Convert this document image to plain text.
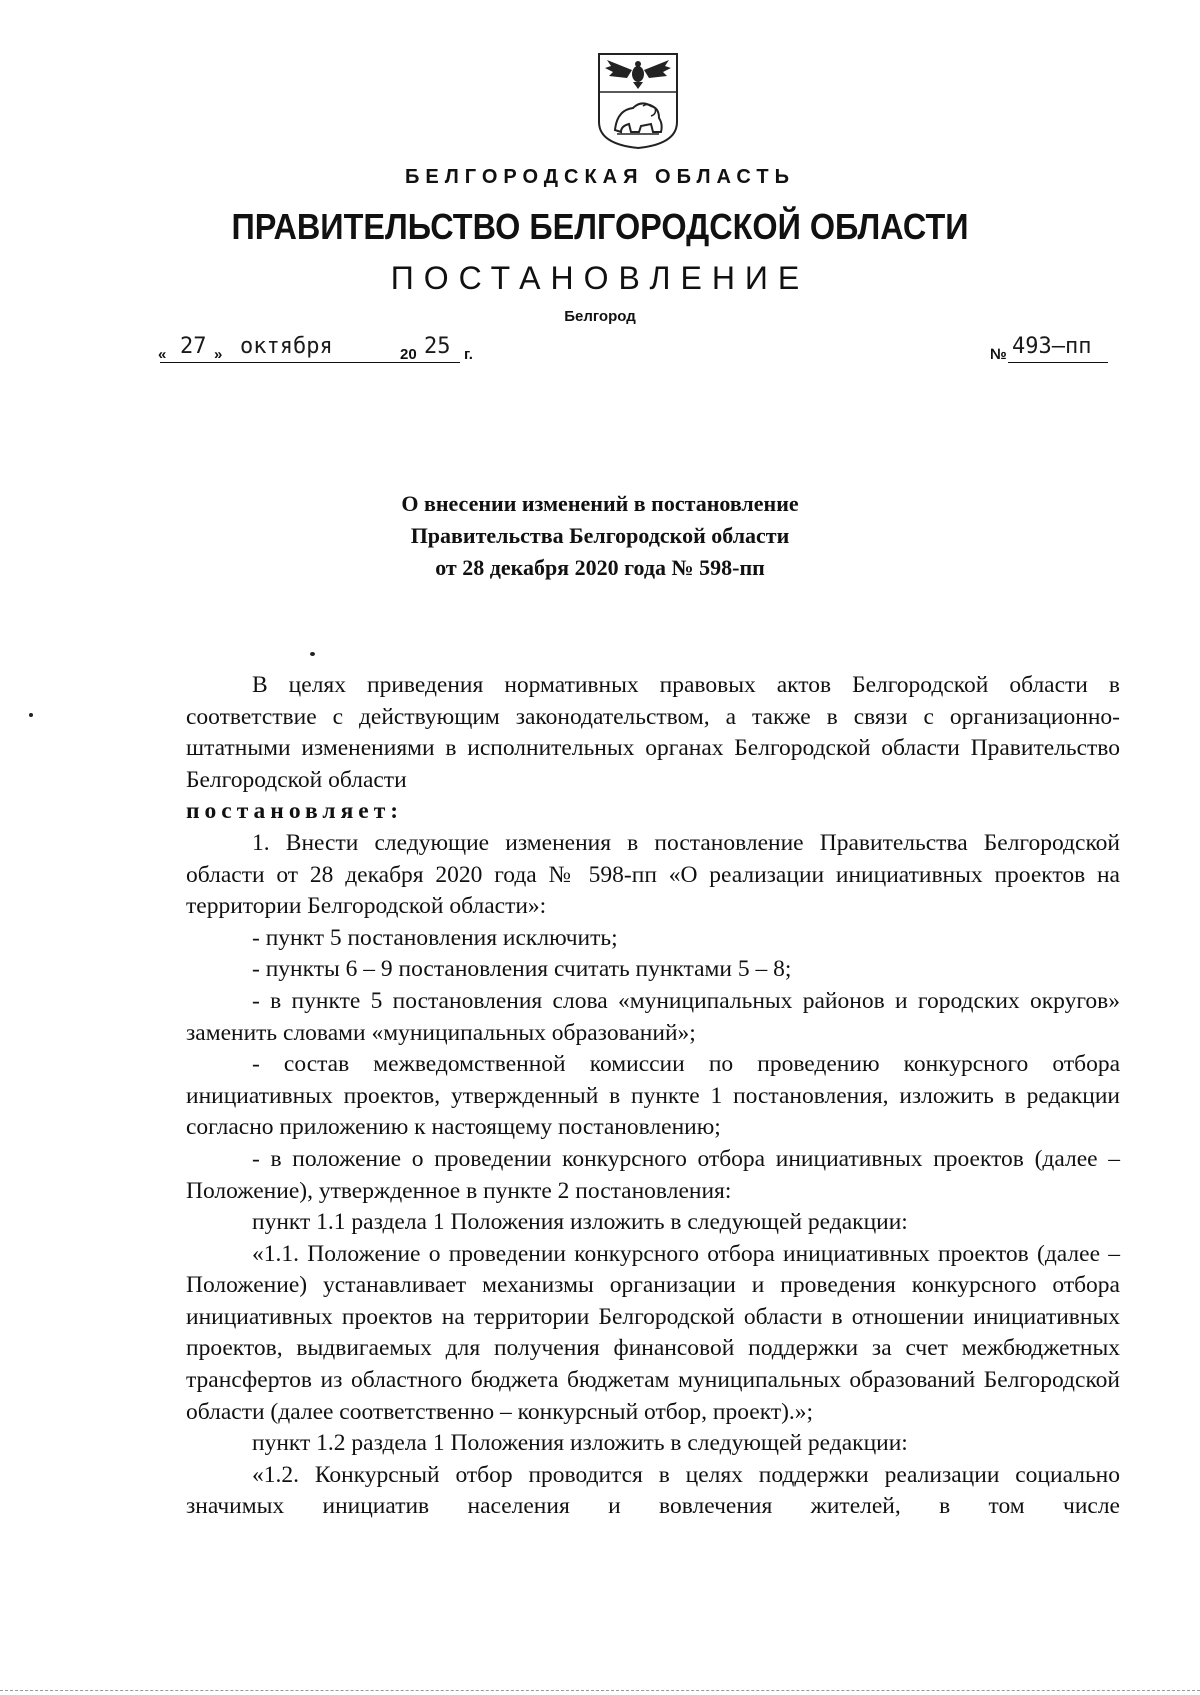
БЕЛГОРОДСКАЯ ОБЛАСТЬ
ПРАВИТЕЛЬСТВО БЕЛГОРОДСКОЙ ОБЛАСТИ
ПОСТАНОВЛЕНИЕ
Белгород
« 27 » октября	20 25 г.	№ 493–пп
О внесении изменений в постановление
Правительства Белгородской области
от 28 декабря 2020 года № 598-пп

В целях приведения нормативных правовых актов Белгородской области в соответствие с действующим законодательством, а также в связи с организационно-штатными изменениями в исполнительных органах Белгородской области Правительство Белгородской области
постановляет:

1. Внести следующие изменения в постановление Правительства Белгородской области от 28 декабря 2020 года № 598-пп «О реализации инициативных проектов на территории Белгородской области»:

- пункт 5 постановления исключить;

- пункты 6 – 9 постановления считать пунктами 5 – 8;

- в пункте 5 постановления слова «муниципальных районов и городских округов» заменить словами «муниципальных образований»;

- состав межведомственной комиссии по проведению конкурсного отбора инициативных проектов, утвержденный в пункте 1 постановления, изложить в редакции согласно приложению к настоящему постановлению;

- в положение о проведении конкурсного отбора инициативных проектов (далее – Положение), утвержденное в пункте 2 постановления:

пункт 1.1 раздела 1 Положения изложить в следующей редакции:

«1.1. Положение о проведении конкурсного отбора инициативных проектов (далее – Положение) устанавливает механизмы организации и проведения конкурсного отбора инициативных проектов на территории Белгородской области в отношении инициативных проектов, выдвигаемых для получения финансовой поддержки за счет межбюджетных трансфертов из областного бюджета бюджетам муниципальных образований Белгородской области (далее соответственно – конкурсный отбор, проект).»;

пункт 1.2 раздела 1 Положения изложить в следующей редакции:

«1.2. Конкурсный отбор проводится в целях поддержки реализации социально значимых инициатив населения и вовлечения жителей, в том числе
